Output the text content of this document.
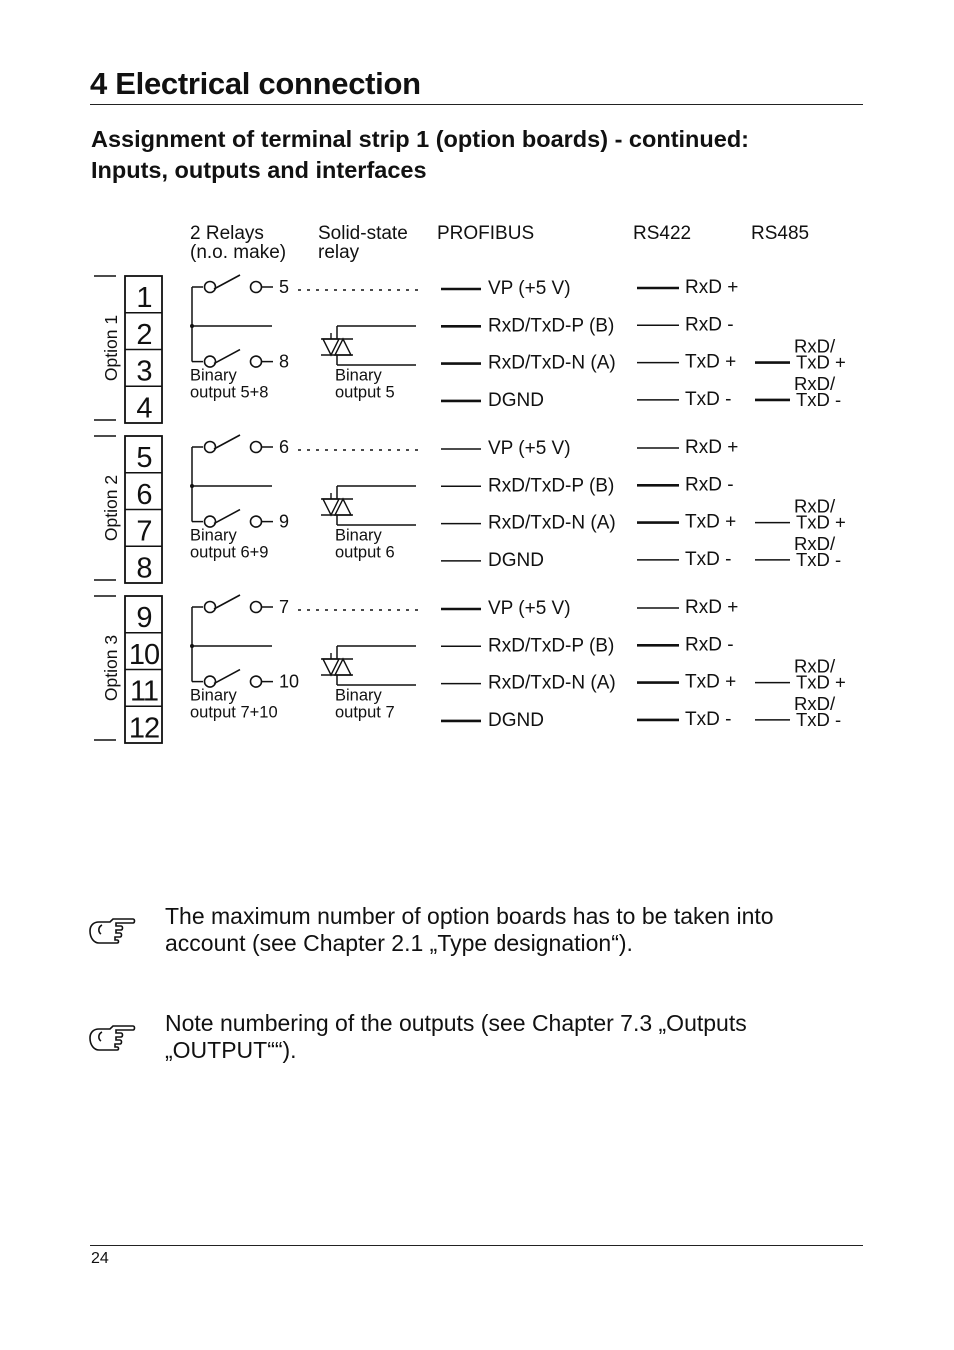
4 Electrical connection
Assignment of terminal strip 1 (option boards) - continued:
Inputs, outputs and interfaces
2 Relays
(n.o. make)
Solid-state
relay
PROFIBUS	RS422	RS485
Option 1
1
2
3
4
5
8
Binary
output 5+8
Binary
output 5
VP (+5 V)
RxD/TxD-P (B)
RxD/TxD-N (A)
DGND
RxD +
RxD -
TxD +
TxD -
RxD/
TxD +
RxD/
TxD -
Option 2
5
6
7
8
6
9
Binary
output 6+9
Binary
output 6
VP (+5 V)
RxD/TxD-P (B)
RxD/TxD-N (A)
DGND
RxD +
RxD -
TxD +
TxD -
RxD/
TxD +
RxD/
TxD -
Option 3
9
10
11
12
7
10
Binary
output 7+10
Binary
output 7
VP (+5 V)
RxD/TxD-P (B)
RxD/TxD-N (A)
DGND
RxD +
RxD -
TxD +
TxD -
RxD/
TxD +
RxD/
TxD -

The maximum number of option boards has to be taken into
account (see Chapter 2.1 „Type designation“).

Note numbering of the outputs (see Chapter 7.3 „Outputs
„OUTPUT““).

24
